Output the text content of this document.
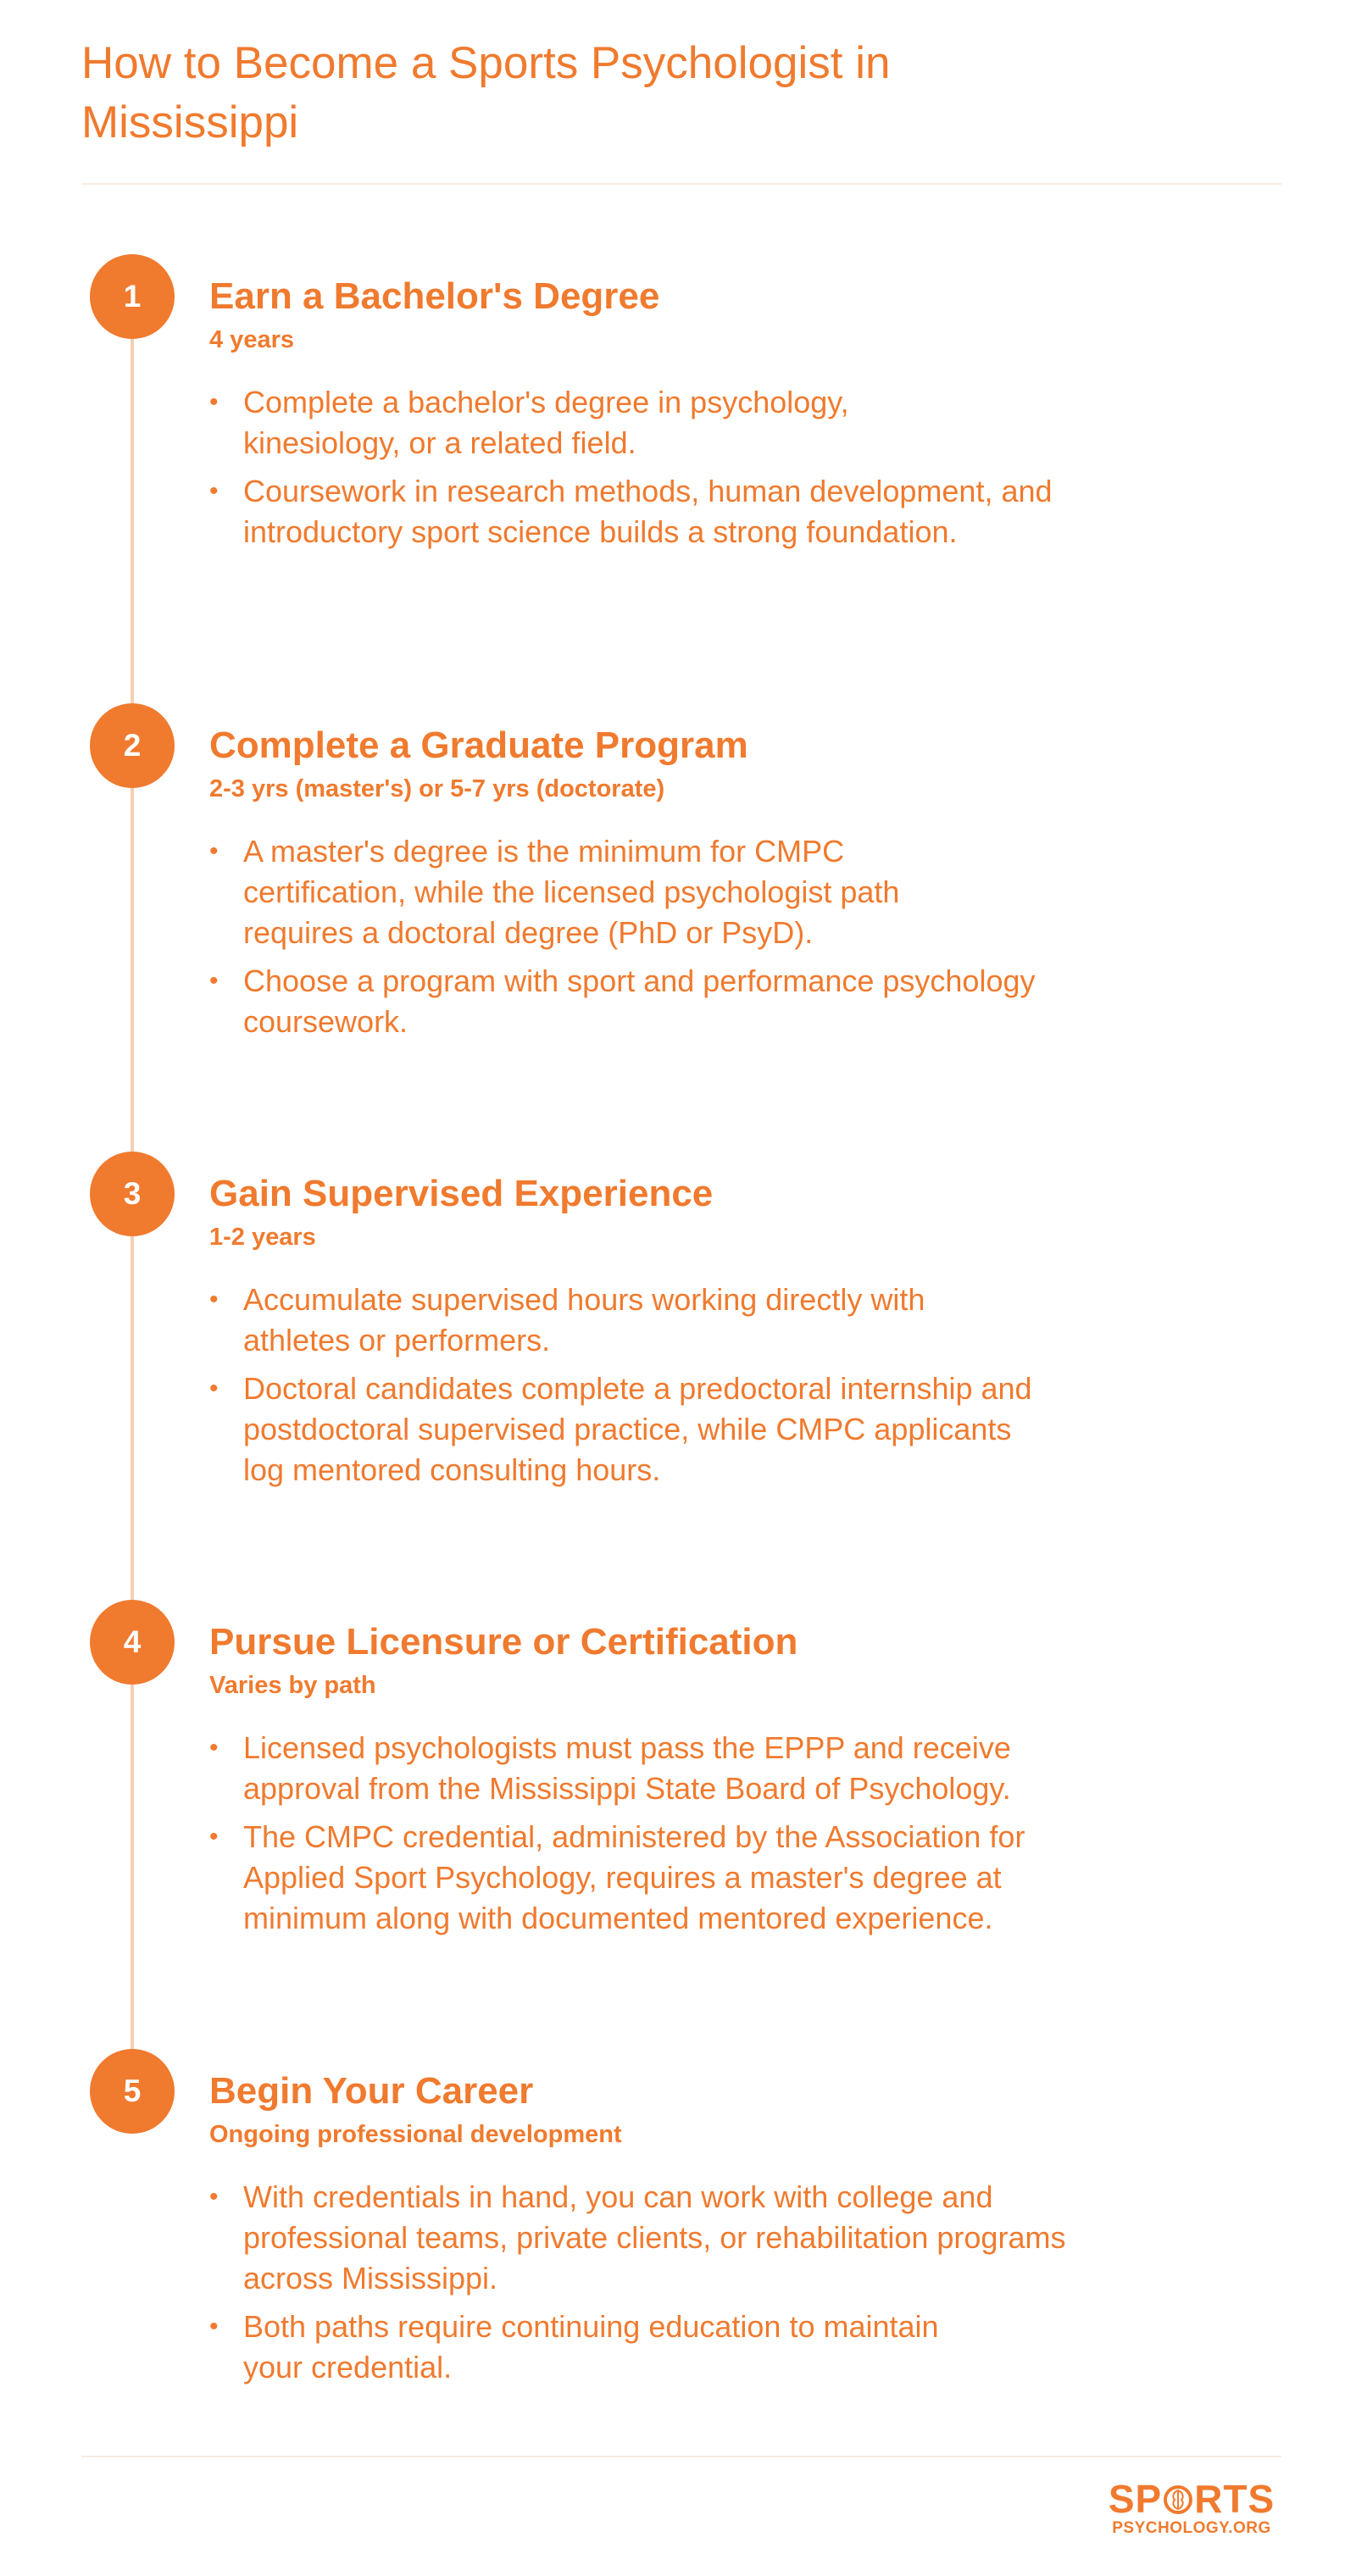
How to Become a Sports Psychologist in Mississippi
1	Earn a Bachelor's Degree
4 years
• Complete a bachelor's degree in psychology, kinesiology, or a related field.
• Coursework in research methods, human development, and introductory sport science builds a strong foundation.
2	Complete a Graduate Program
2-3 yrs (master's) or 5-7 yrs (doctorate)
• A master's degree is the minimum for CMPC certification, while the licensed psychologist path requires a doctoral degree (PhD or PsyD).
• Choose a program with sport and performance psychology coursework.
3	Gain Supervised Experience
1-2 years
• Accumulate supervised hours working directly with athletes or performers.
• Doctoral candidates complete a predoctoral internship and postdoctoral supervised practice, while CMPC applicants log mentored consulting hours.
4	Pursue Licensure or Certification
Varies by path
• Licensed psychologists must pass the EPPP and receive approval from the Mississippi State Board of Psychology.
• The CMPC credential, administered by the Association for Applied Sport Psychology, requires a master's degree at minimum along with documented mentored experience.
5	Begin Your Career
Ongoing professional development
• With credentials in hand, you can work with college and professional teams, private clients, or rehabilitation programs across Mississippi.
• Both paths require continuing education to maintain your credential.
SP RTS
PSYCHOLOGY.ORG
